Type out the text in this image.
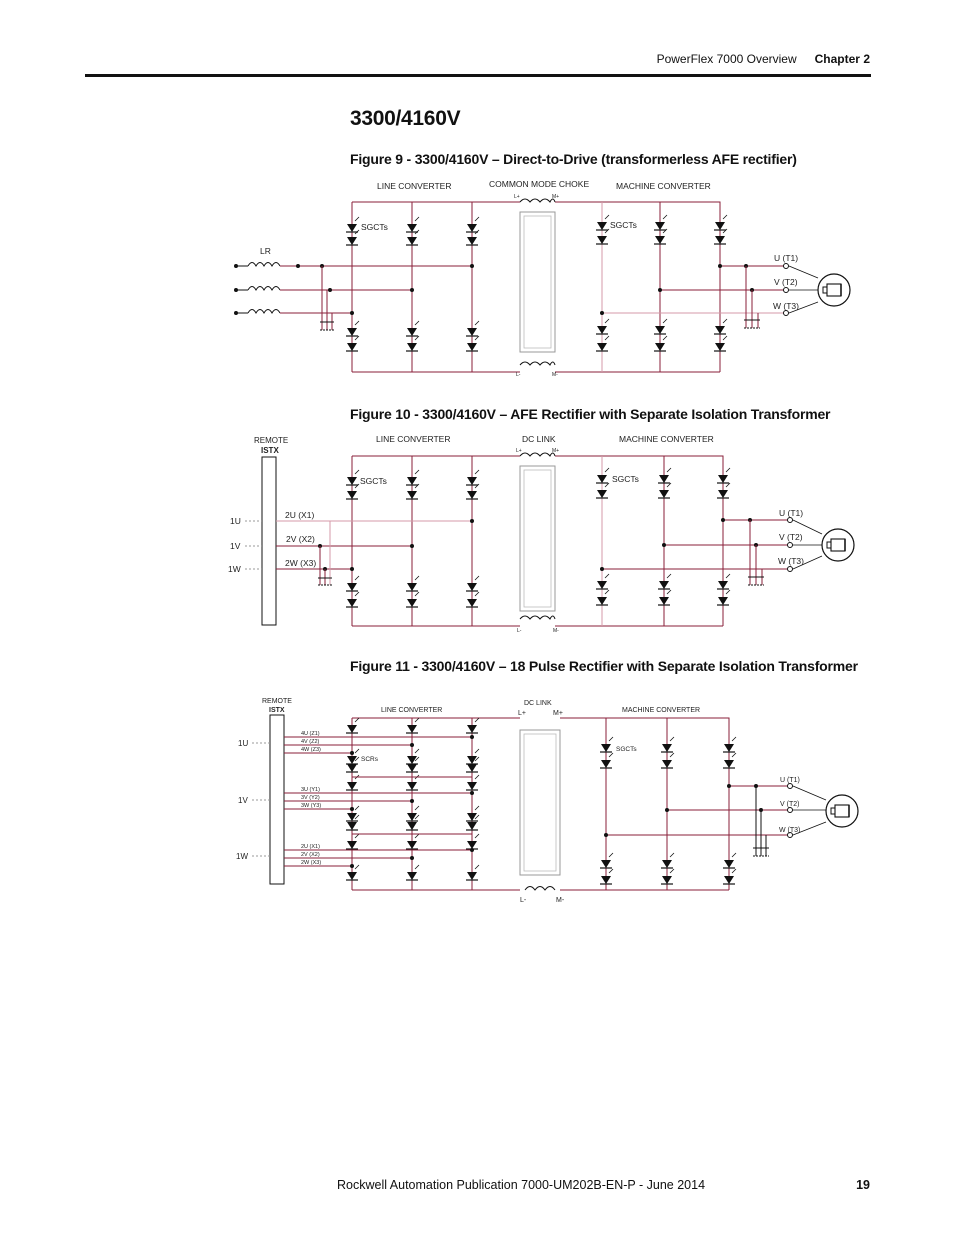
PowerFlex 7000 Overview Chapter 2
3300/4160V
Figure 9 - 3300/4160V – Direct-to-Drive (transformerless AFE rectifier)
Figure 10 - 3300/4160V – AFE Rectifier with Separate Isolation Transformer
Figure 11 - 3300/4160V – 18 Pulse Rectifier with Separate Isolation Transformer
LINE CONVERTER	COMMON MODE CHOKE	MACHINE CONVERTER
L+	M+
L-	M-
SGCTs	SGCTs
LR
U (T1)
V (T2)
W (T3)
REMOTE
ISTX
LINE CONVERTER	DC LINK	MACHINE CONVERTER
L+	M+
L-	M-
SGCTs	SGCTs
1U
1V
1W
2U (X1)
2V (X2)
2W (X3)
U (T1)
V (T2)
W (T3)
REMOTE
ISTX	LINE CONVERTER
DC LINK
MACHINE CONVERTER
L+	M+
L-	M-
SCRs
SGCTs
1U
1V
1W
4U (Z1)
4V (Z2)
4W (Z3)
3U (Y1)
3V (Y2)
3W (Y3)
2U (X1)
2V (X2)
2W (X3)
U (T1)
V (T2)
W (T3)
Rockwell Automation Publication 7000-UM202B-EN-P - June 2014	19
